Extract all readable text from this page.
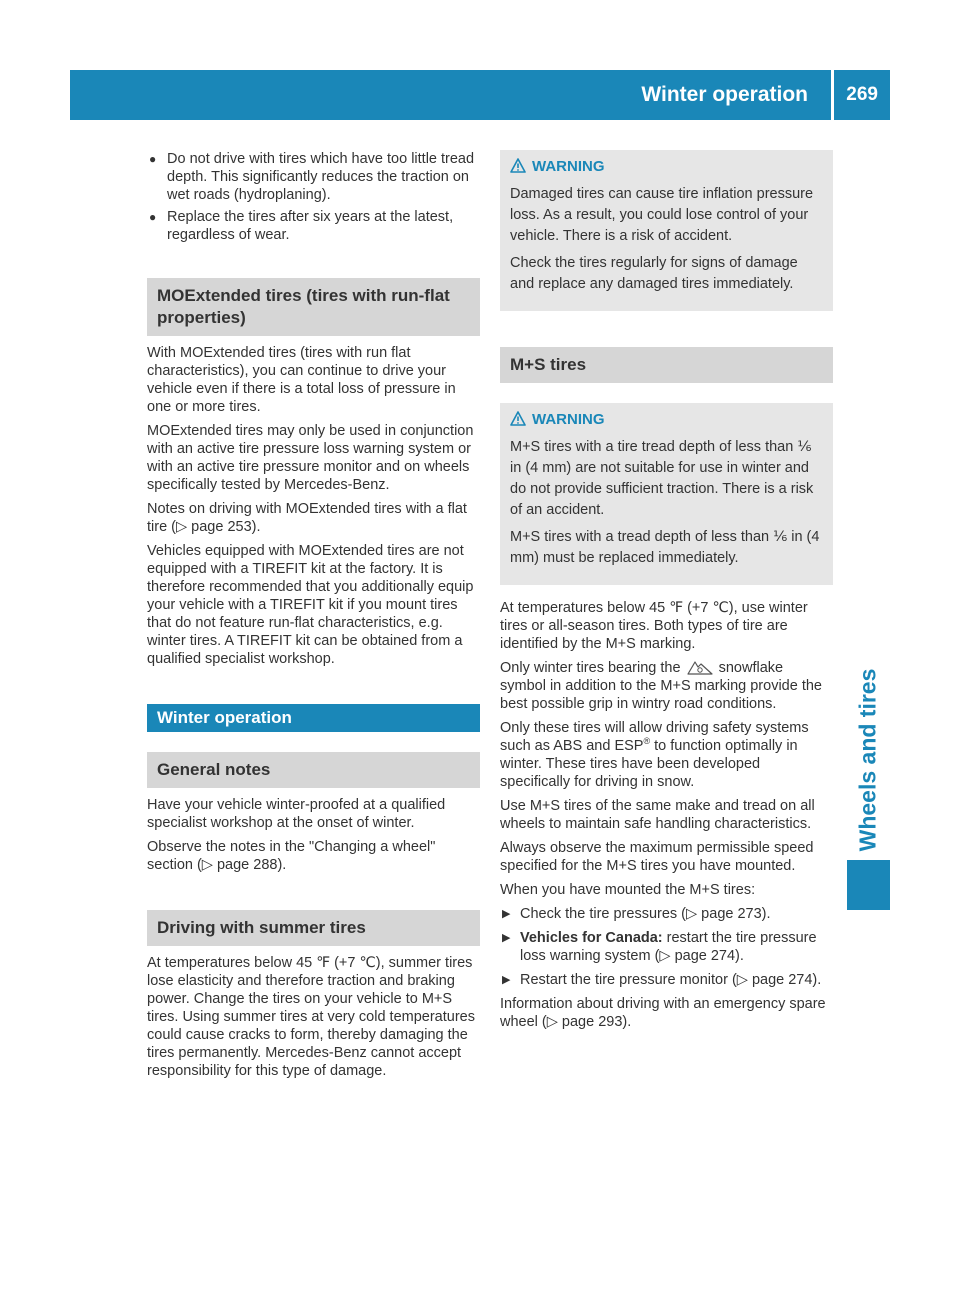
Winter operation	269
Wheels and tires
● Do not drive with tires which have too little tread depth. This significantly reduces the traction on wet roads (hydroplaning).
● Replace the tires after six years at the latest, regardless of wear.
MOExtended tires (tires with run-flat properties)

With MOExtended tires (tires with run flat characteristics), you can continue to drive your vehicle even if there is a total loss of pressure in one or more tires.

MOExtended tires may only be used in conjunction with an active tire pressure loss warning system or with an active tire pressure monitor and on wheels specifically tested by Mercedes-Benz.

Notes on driving with MOExtended tires with a flat tire (▷ page 253).

Vehicles equipped with MOExtended tires are not equipped with a TIREFIT kit at the factory. It is therefore recommended that you additionally equip your vehicle with a TIREFIT kit if you mount tires that do not feature run-flat characteristics, e.g. winter tires. A TIREFIT kit can be obtained from a qualified specialist workshop.

Winter operation
General notes

Have your vehicle winter-proofed at a qualified specialist workshop at the onset of winter.

Observe the notes in the "Changing a wheel" section (▷ page 288).

Driving with summer tires

At temperatures below 45 ℉ (+7 ℃), summer tires lose elasticity and therefore traction and braking power. Change the tires on your vehicle to M+S tires. Using summer tires at very cold temperatures could cause cracks to form, thereby damaging the tires permanently. Mercedes-Benz cannot accept responsibility for this type of damage.

WARNING

Damaged tires can cause tire inflation pressure loss. As a result, you could lose control of your vehicle. There is a risk of accident.

Check the tires regularly for signs of damage and replace any damaged tires immediately.

M+S tires
WARNING

M+S tires with a tire tread depth of less than ⅙ in (4 mm) are not suitable for use in winter and do not provide sufficient traction. There is a risk of an accident.

M+S tires with a tread depth of less than ⅙ in (4 mm) must be replaced immediately.

At temperatures below 45 ℉ (+7 ℃), use winter tires or all-season tires. Both types of tire are identified by the M+S marking.

Only winter tires bearing the	snowflake symbol in addition to the M+S marking provide the best possible grip in wintry road conditions.

Only these tires will allow driving safety systems such as ABS and ESP® to function optimally in winter. These tires have been developed specifically for driving in snow.

Use M+S tires of the same make and tread on all wheels to maintain safe handling characteristics.

Always observe the maximum permissible speed specified for the M+S tires you have mounted.

When you have mounted the M+S tires:

▶ Check the tire pressures (▷ page 273).
▶ Vehicles for Canada: restart the tire pressure loss warning system (▷ page 274).
▶ Restart the tire pressure monitor (▷ page 274).

Information about driving with an emergency spare wheel (▷ page 293).
